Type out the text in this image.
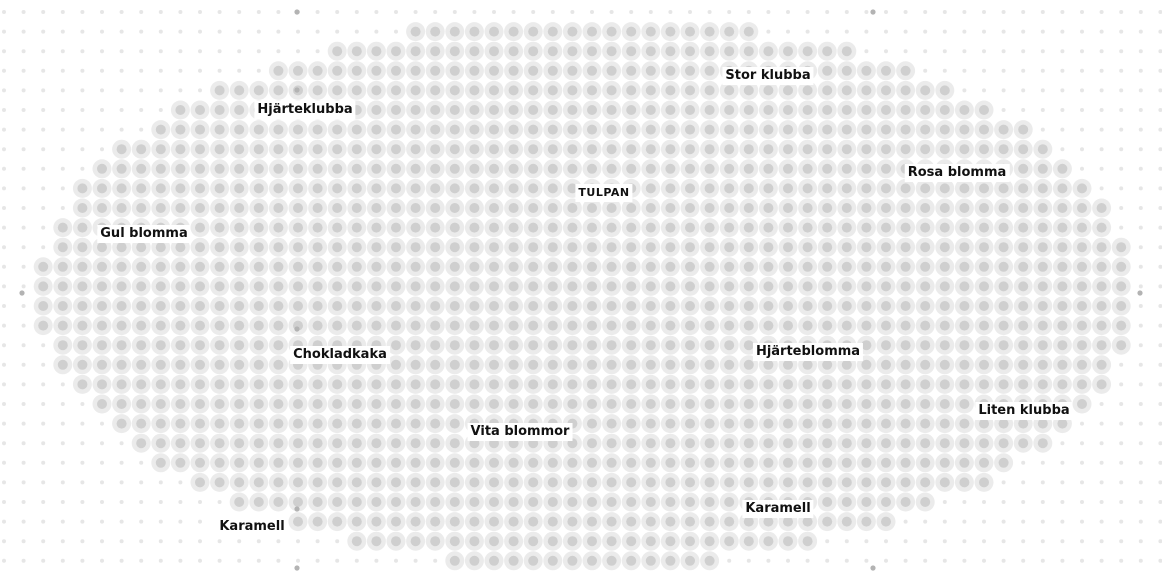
Stor klubba
Hjärteklubba
TULPAN
Rosa blomma
Gul blomma
Chokladkaka	Hjärteblomma
Liten klubba
Vita blommor
Karamell
Karamell
